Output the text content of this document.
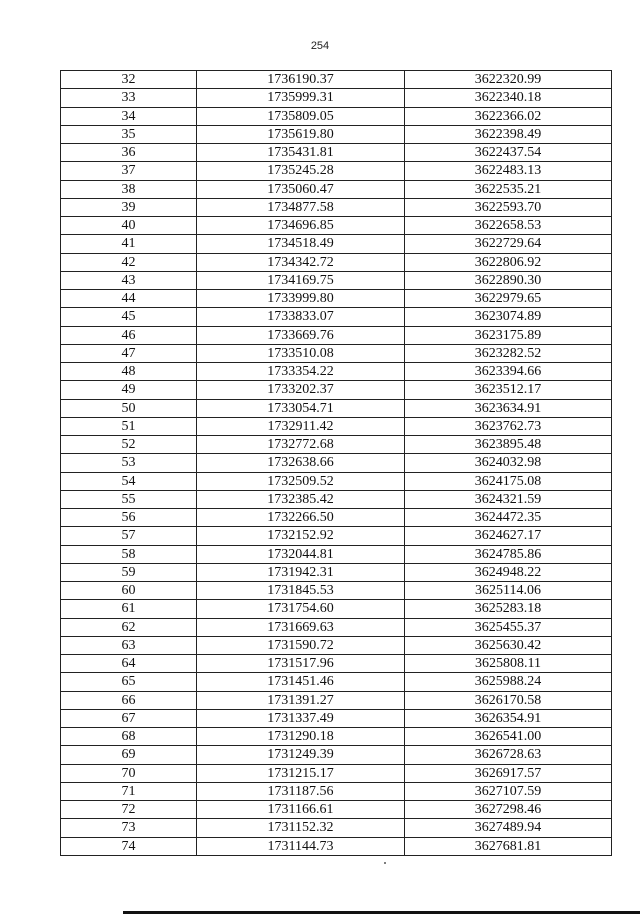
254
32	1736190.37	3622320.99
33	1735999.31	3622340.18
34	1735809.05	3622366.02
35	1735619.80	3622398.49
36	1735431.81	3622437.54
37	1735245.28	3622483.13
38	1735060.47	3622535.21
39	1734877.58	3622593.70
40	1734696.85	3622658.53
41	1734518.49	3622729.64
42	1734342.72	3622806.92
43	1734169.75	3622890.30
44	1733999.80	3622979.65
45	1733833.07	3623074.89
46	1733669.76	3623175.89
47	1733510.08	3623282.52
48	1733354.22	3623394.66
49	1733202.37	3623512.17
50	1733054.71	3623634.91
51	1732911.42	3623762.73
52	1732772.68	3623895.48
53	1732638.66	3624032.98
54	1732509.52	3624175.08
55	1732385.42	3624321.59
56	1732266.50	3624472.35
57	1732152.92	3624627.17
58	1732044.81	3624785.86
59	1731942.31	3624948.22
60	1731845.53	3625114.06
61	1731754.60	3625283.18
62	1731669.63	3625455.37
63	1731590.72	3625630.42
64	1731517.96	3625808.11
65	1731451.46	3625988.24
66	1731391.27	3626170.58
67	1731337.49	3626354.91
68	1731290.18	3626541.00
69	1731249.39	3626728.63
70	1731215.17	3626917.57
71	1731187.56	3627107.59
72	1731166.61	3627298.46
73	1731152.32	3627489.94
74	1731144.73	3627681.81
